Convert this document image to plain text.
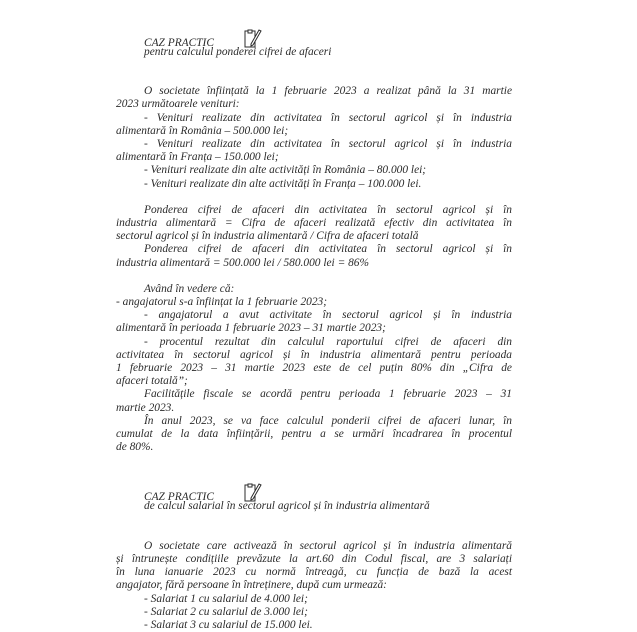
CAZ PRACTIC
pentru calculul ponderei cifrei de afaceri
O societate înființată la 1 februarie 2023 a realizat până la 31 martie
2023 următoarele venituri:
- Venituri realizate din activitatea în sectorul agricol și în industria
alimentară în România – 500.000 lei;
- Venituri realizate din activitatea în sectorul agricol și în industria
alimentară în Franța – 150.000 lei;
- Venituri realizate din alte activități în România – 80.000 lei;
- Venituri realizate din alte activități în Franța – 100.000 lei.
Ponderea cifrei de afaceri din activitatea în sectorul agricol și în
industria alimentară = Cifra de afaceri realizată efectiv din activitatea în
sectorul agricol și în industria alimentară / Cifra de afaceri totală
Ponderea cifrei de afaceri din activitatea în sectorul agricol și în
industria alimentară = 500.000 lei / 580.000 lei = 86%
Având în vedere că:
- angajatorul s-a înființat la 1 februarie 2023;
- angajatorul a avut activitate în sectorul agricol și în industria
alimentară în perioada 1 februarie 2023 – 31 martie 2023;
- procentul rezultat din calculul raportului cifrei de afaceri din
activitatea în sectorul agricol și în industria alimentară pentru perioada
1 februarie 2023 – 31 martie 2023 este de cel puțin 80% din „Cifra de
afaceri totală”;
Facilitățile fiscale se acordă pentru perioada 1 februarie 2023 – 31
martie 2023.
În anul 2023, se va face calculul ponderii cifrei de afaceri lunar, în
cumulat de la data înființării, pentru a se urmări încadrarea în procentul
de 80%.
CAZ PRACTIC
de calcul salarial în sectorul agricol și în industria alimentară
O societate care activează în sectorul agricol și în industria alimentară
și întrunește condițiile prevăzute la art.60 din Codul fiscal, are 3 salariați
în luna ianuarie 2023 cu normă întreagă, cu funcția de bază la acest
angajator, fără persoane în întreținere, după cum urmează:
- Salariat 1 cu salariul de 4.000 lei;
- Salariat 2 cu salariul de 3.000 lei;
- Salariat 3 cu salariul de 15.000 lei.
